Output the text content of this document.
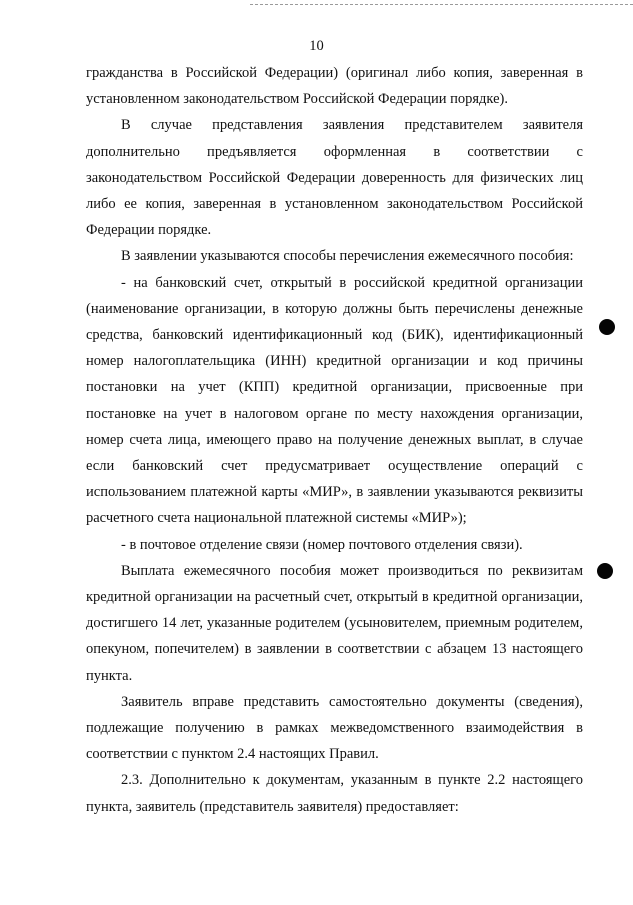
10

гражданства в Российской Федерации) (оригинал либо копия, заверенная в установленном законодательством Российской Федерации порядке).

В случае представления заявления представителем заявителя дополнительно предъявляется оформленная в соответствии с законодательством Российской Федерации доверенность для физических лиц либо ее копия, заверенная в установленном законодательством Российской Федерации порядке.

В заявлении указываются способы перечисления ежемесячного пособия:

- на банковский счет, открытый в российской кредитной организации (наименование организации, в которую должны быть перечислены денежные средства, банковский идентификационный код (БИК), идентификационный номер налогоплательщика (ИНН) кредитной организации и код причины постановки на учет (КПП) кредитной организации, присвоенные при постановке на учет в налоговом органе по месту нахождения организации, номер счета лица, имеющего право на получение денежных выплат, в случае если банковский счет предусматривает осуществление операций с использованием платежной карты «МИР», в заявлении указываются реквизиты расчетного счета национальной платежной системы «МИР»);

- в почтовое отделение связи (номер почтового отделения связи).

Выплата ежемесячного пособия может производиться по реквизитам кредитной организации на расчетный счет, открытый в кредитной организации, достигшего 14 лет, указанные родителем (усыновителем, приемным родителем, опекуном, попечителем) в заявлении в соответствии с абзацем 13 настоящего пункта.

Заявитель вправе представить самостоятельно документы (сведения), подлежащие получению в рамках межведомственного взаимодействия в соответствии с пунктом 2.4 настоящих Правил.

2.3. Дополнительно к документам, указанным в пункте 2.2 настоящего пункта, заявитель (представитель заявителя) предоставляет:
